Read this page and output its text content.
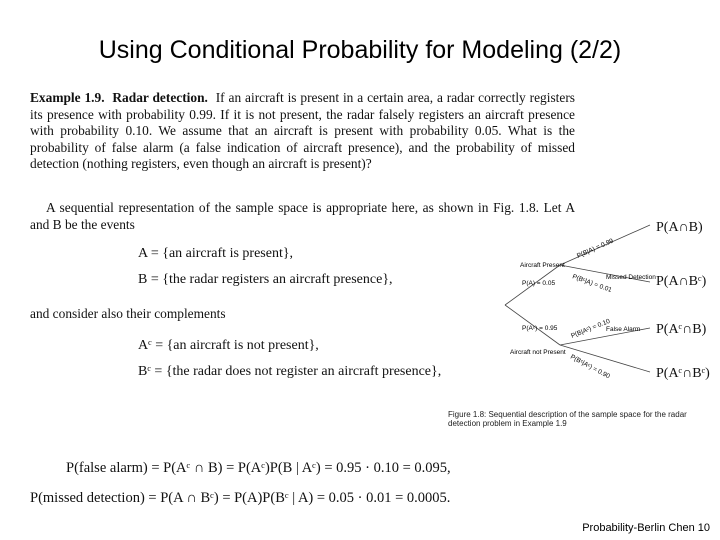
Using Conditional Probability for Modeling (2/2)

Example 1.9. Radar detection. If an aircraft is present in a certain area, a radar correctly registers its presence with probability 0.99. If it is not present, the radar falsely registers an aircraft presence with probability 0.10. We assume that an aircraft is present with probability 0.05. What is the probability of false alarm (a false indication of aircraft presence), and the probability of missed detection (nothing registers, even though an aircraft is present)?

A sequential representation of the sample space is appropriate here, as shown in Fig. 1.8. Let A and B be the events

A = {an aircraft is present},
B = {the radar registers an aircraft presence},
and consider also their complements
Aᶜ = {an aircraft is not present},
Bᶜ = {the radar does not register an aircraft presence},
Aircraft Present
Aircraft not Present
P(A) = 0.05
P(Aᶜ) = 0.95
P(B|A) = 0.99
P(Bᶜ|A) = 0.01
P(B|Aᶜ) = 0.10
P(Bᶜ|Aᶜ) = 0.90
Missed Detection
False Alarm
P(A∩B)
P(A∩Bᶜ)
P(Aᶜ∩B)
P(Aᶜ∩Bᶜ)
Figure 1.8: Sequential description of the sample space for the radar detection problem in Example 1.9
P(false alarm) = P(Aᶜ ∩ B) = P(Aᶜ)P(B | Aᶜ) = 0.95 · 0.10 = 0.095,
P(missed detection) = P(A ∩ Bᶜ) = P(A)P(Bᶜ | A) = 0.05 · 0.01 = 0.0005.
Probability-Berlin Chen 10
